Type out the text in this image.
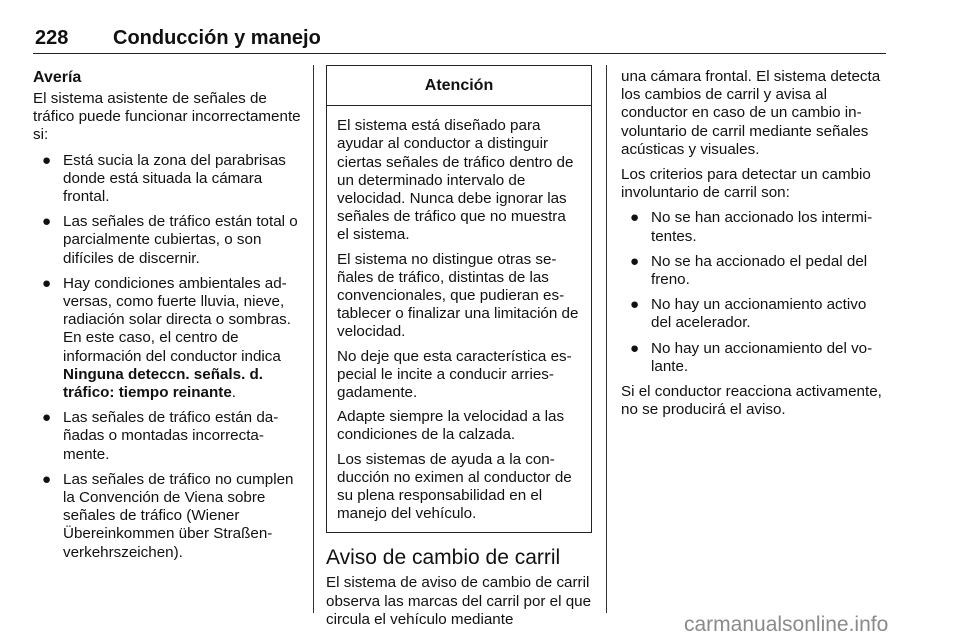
228 Conducción y manejo
Avería

El sistema asistente de señales de tráfico puede funcionar incorrectamente si:

● Está sucia la zona del parabrisas donde está situada la cámara frontal.
● Las señales de tráfico están total o parcialmente cubiertas, o son difíciles de discernir.
● Hay condiciones ambientales adversas, como fuerte lluvia, nieve, radiación solar directa o sombras. En este caso, el centro de información del conductor indica Ninguna deteccn. señals. d. tráfico: tiempo reinante.
● Las señales de tráfico están dañadas o montadas incorrectamente.
● Las señales de tráfico no cumplen la Convención de Viena sobre señales de tráfico (Wiener Übereinkommen über Straßenverkehrszeichen).
Atención

El sistema está diseñado para ayudar al conductor a distinguir ciertas señales de tráfico dentro de un determinado intervalo de velocidad. Nunca debe ignorar las señales de tráfico que no muestra el sistema.

El sistema no distingue otras señales de tráfico, distintas de las convencionales, que pudieran establecer o finalizar una limitación de velocidad.

No deje que esta característica especial le incite a conducir arriesgadamente.

Adapte siempre la velocidad a las condiciones de la calzada.

Los sistemas de ayuda a la conducción no eximen al conductor de su plena responsabilidad en el manejo del vehículo.

Aviso de cambio de carril

El sistema de aviso de cambio de carril observa las marcas del carril por el que circula el vehículo mediante

una cámara frontal. El sistema detecta los cambios de carril y avisa al conductor en caso de un cambio involuntario de carril mediante señales acústicas y visuales.

Los criterios para detectar un cambio involuntario de carril son:

● No se han accionado los intermitentes.
● No se ha accionado el pedal del freno.
● No hay un accionamiento activo del acelerador.
● No hay un accionamiento del volante.

Si el conductor reacciona activamente, no se producirá el aviso.

carmanualsonline.info
